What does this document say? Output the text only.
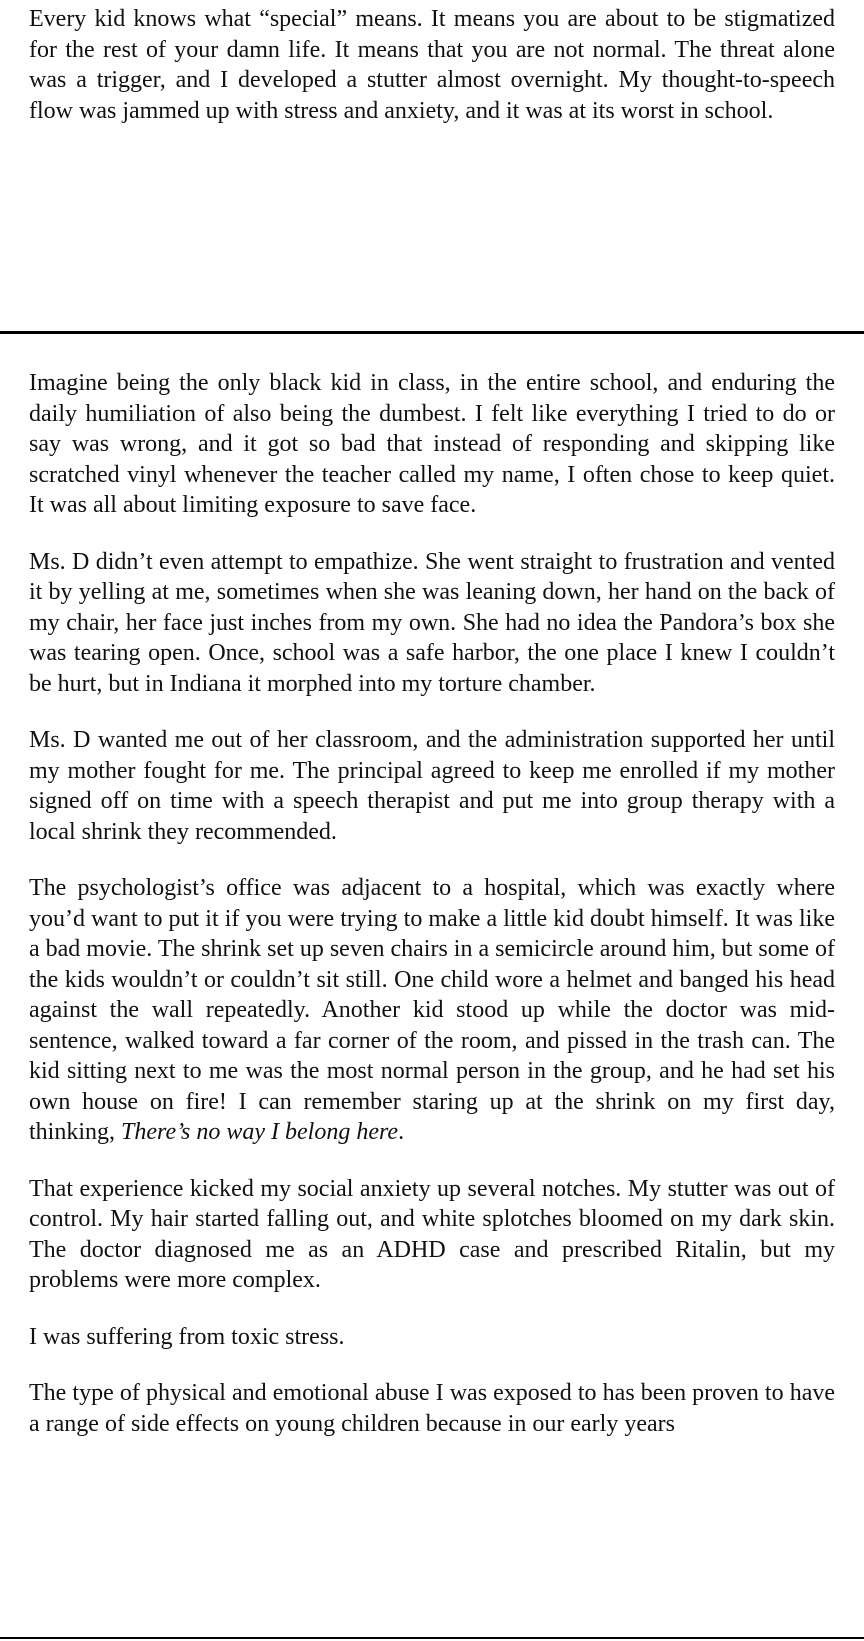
Every kid knows what “special” means. It means you are about to be stigmatized for the rest of your damn life. It means that you are not normal. The threat alone was a trigger, and I developed a stutter almost overnight. My thought-to-speech flow was jammed up with stress and anxiety, and it was at its worst in school.

Imagine being the only black kid in class, in the entire school, and enduring the daily humiliation of also being the dumbest. I felt like everything I tried to do or say was wrong, and it got so bad that instead of responding and skipping like scratched vinyl whenever the teacher called my name, I often chose to keep quiet. It was all about limiting exposure to save face.

Ms. D didn’t even attempt to empathize. She went straight to frustration and vented it by yelling at me, sometimes when she was leaning down, her hand on the back of my chair, her face just inches from my own. She had no idea the Pandora’s box she was tearing open. Once, school was a safe harbor, the one place I knew I couldn’t be hurt, but in Indiana it morphed into my torture chamber.

Ms. D wanted me out of her classroom, and the administration supported her until my mother fought for me. The principal agreed to keep me enrolled if my mother signed off on time with a speech therapist and put me into group therapy with a local shrink they recommended.

The psychologist’s office was adjacent to a hospital, which was exactly where you’d want to put it if you were trying to make a little kid doubt himself. It was like a bad movie. The shrink set up seven chairs in a semicircle around him, but some of the kids wouldn’t or couldn’t sit still. One child wore a helmet and banged his head against the wall repeatedly. Another kid stood up while the doctor was mid-sentence, walked toward a far corner of the room, and pissed in the trash can. The kid sitting next to me was the most normal person in the group, and he had set his own house on fire! I can remember staring up at the shrink on my first day, thinking, There’s no way I belong here.

That experience kicked my social anxiety up several notches. My stutter was out of control. My hair started falling out, and white splotches bloomed on my dark skin. The doctor diagnosed me as an ADHD case and prescribed Ritalin, but my problems were more complex.

I was suffering from toxic stress.

The type of physical and emotional abuse I was exposed to has been proven to have a range of side effects on young children because in our early years
